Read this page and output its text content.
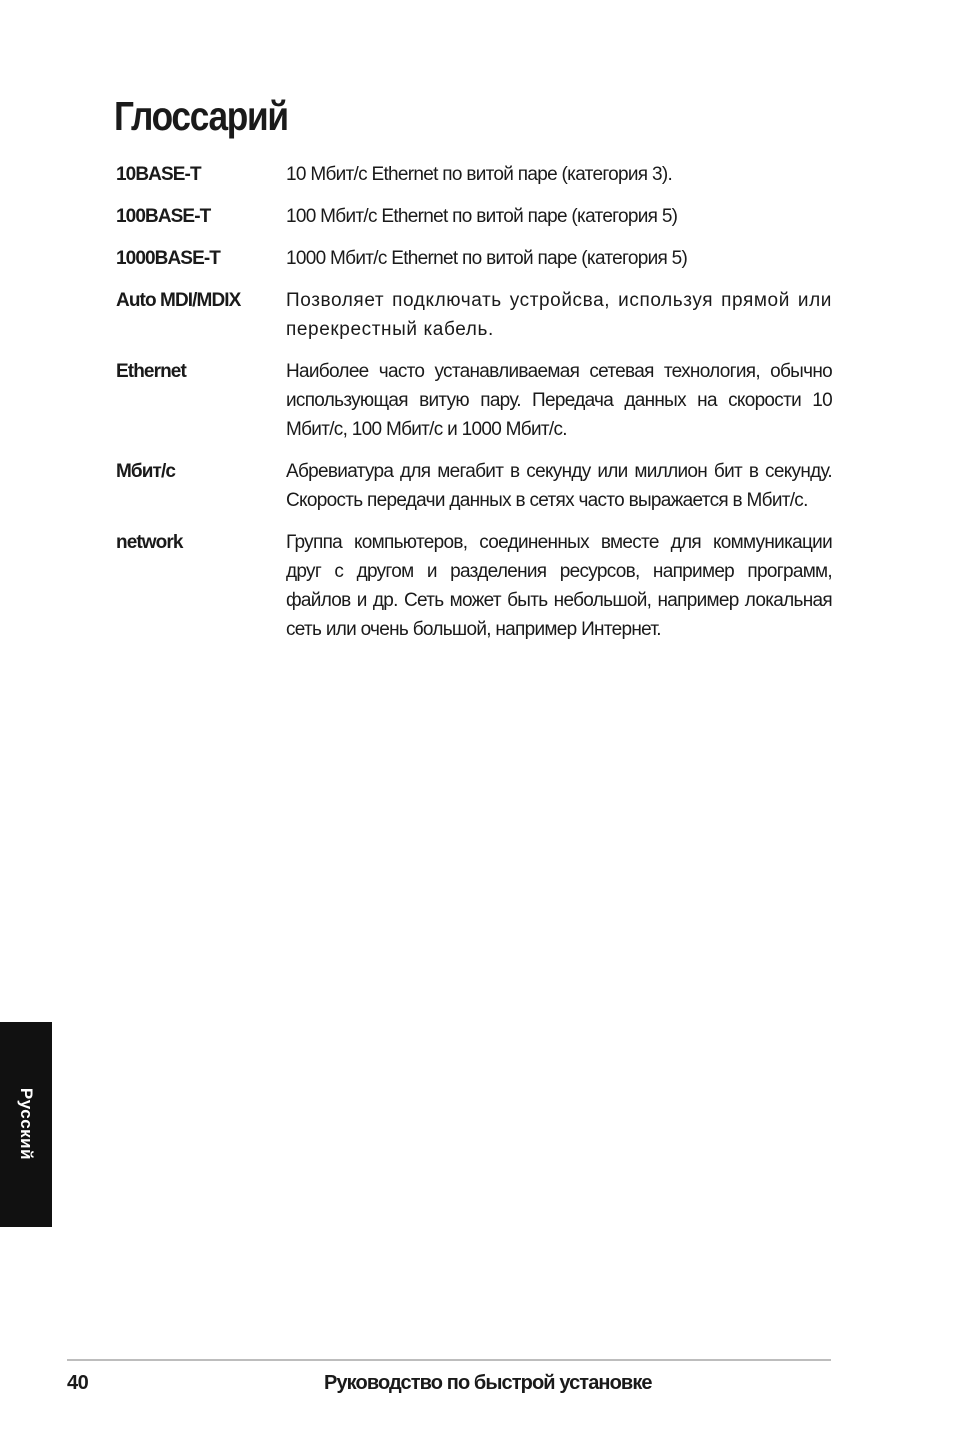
Глоссарий
10BASE-T	10 Мбит/с Ethernet по витой паре (категория 3).
100BASE-T	100 Мбит/с Ethernet по витой паре (категория 5)
1000BASE-T	1000 Мбит/с Ethernet по витой паре (категория 5)
Auto MDI/MDIX	Позволяет подключать устройсва, используя прямой или перекрестный кабель.
Ethernet	Наиболее часто устанавливаемая сетевая технология, обычно использующая витую пару. Передача данных на скорости 10 Мбит/с, 100 Мбит/с и 1000 Мбит/с.
Мбит/с	Абревиатура для мегабит в секунду или миллион бит в секунду. Скорость передачи данных в сетях часто выражается в Мбит/с.
network	Группа компьютеров, соединенных вместе для коммуникации друг с другом и разделения ресурсов, например программ, файлов и др. Сеть может быть небольшой, например локальная сеть или очень большой, например Интернет.
Русский
40	Руководство по быстрой установке
